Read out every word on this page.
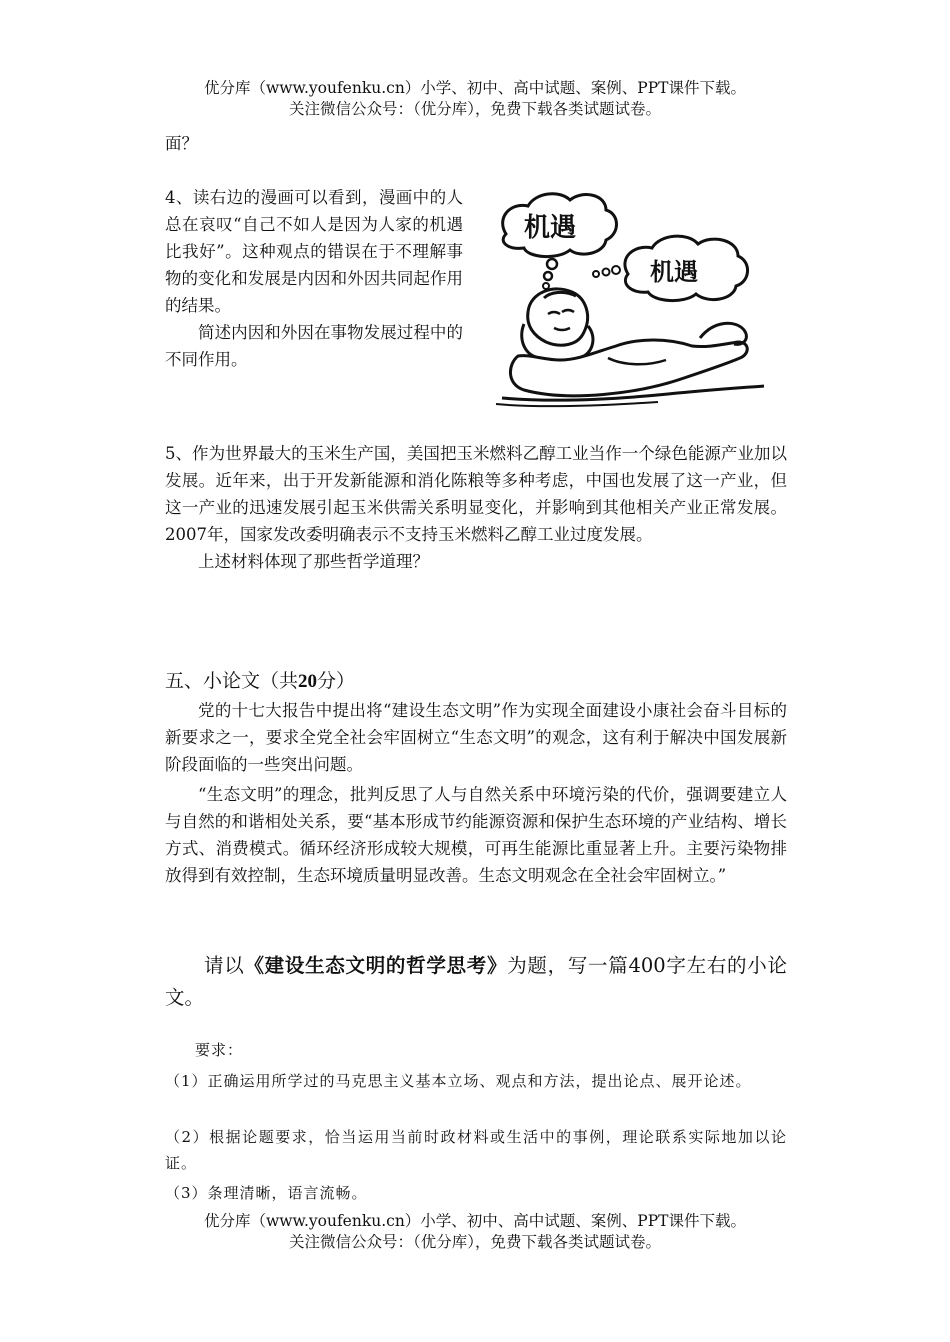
优分库（www.youfenku.cn）小学、初中、高中试题、案例、PPT课件下载。
关注微信公众号：（优分库），免费下载各类试题试卷。
面？
4、读右边的漫画可以看到，漫画中的人总在哀叹“自己不如人是因为人家的机遇比我好”。这种观点的错误在于不理解事物的变化和发展是内因和外因共同起作用的结果。
简述内因和外因在事物发展过程中的不同作用。
机遇
机遇
5、作为世界最大的玉米生产国，美国把玉米燃料乙醇工业当作一个绿色能源产业加以发展。近年来，出于开发新能源和消化陈粮等多种考虑，中国也发展了这一产业，但这一产业的迅速发展引起玉米供需关系明显变化，并影响到其他相关产业正常发展。2007年，国家发改委明确表示不支持玉米燃料乙醇工业过度发展。
上述材料体现了那些哲学道理？
五、小论文（共20分）
党的十七大报告中提出将“建设生态文明”作为实现全面建设小康社会奋斗目标的新要求之一，要求全党全社会牢固树立“生态文明”的观念，这有利于解决中国发展新阶段面临的一些突出问题。
“生态文明”的理念，批判反思了人与自然关系中环境污染的代价，强调要建立人与自然的和谐相处关系，要“基本形成节约能源资源和保护生态环境的产业结构、增长方式、消费模式。循环经济形成较大规模，可再生能源比重显著上升。主要污染物排放得到有效控制，生态环境质量明显改善。生态文明观念在全社会牢固树立。”
请以《建设生态文明的哲学思考》为题，写一篇400字左右的小论文。
要求：
（1）正确运用所学过的马克思主义基本立场、观点和方法，提出论点、展开论述。
（2）根据论题要求，恰当运用当前时政材料或生活中的事例，理论联系实际地加以论证。
（3）条理清晰，语言流畅。
优分库（www.youfenku.cn）小学、初中、高中试题、案例、PPT课件下载。
关注微信公众号：（优分库），免费下载各类试题试卷。
